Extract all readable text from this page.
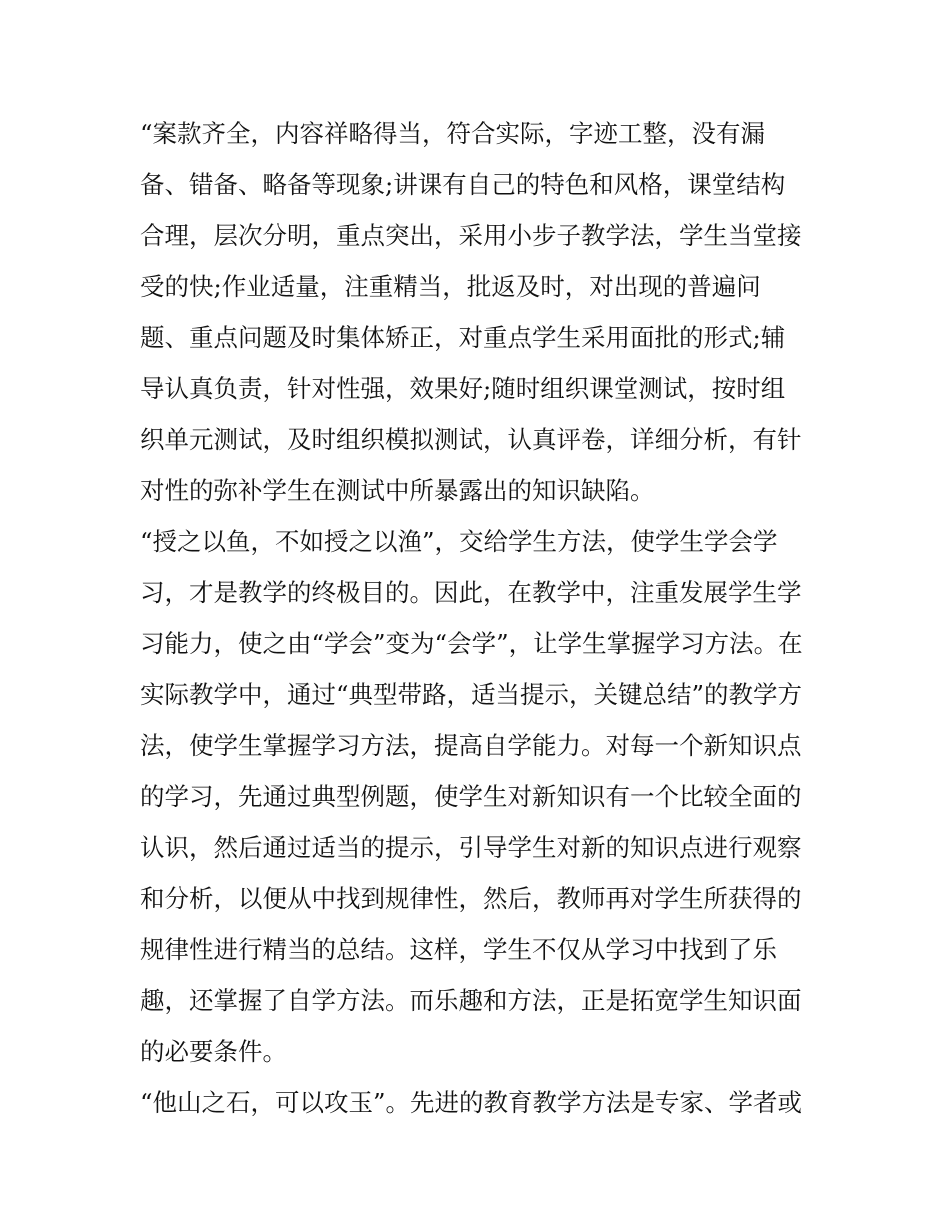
“案款齐全，内容祥略得当，符合实际，字迹工整，没有漏
备、错备、略备等现象;讲课有自己的特色和风格，课堂结构
合理，层次分明，重点突出，采用小步子教学法，学生当堂接
受的快;作业适量，注重精当，批返及时，对出现的普遍问
题、重点问题及时集体矫正，对重点学生采用面批的形式;辅
导认真负责，针对性强，效果好;随时组织课堂测试，按时组
织单元测试，及时组织模拟测试，认真评卷，详细分析，有针
对性的弥补学生在测试中所暴露出的知识缺陷。
“授之以鱼，不如授之以渔”，交给学生方法，使学生学会学
习，才是教学的终极目的。因此，在教学中，注重发展学生学
习能力，使之由“学会”变为“会学”，让学生掌握学习方法。在
实际教学中，通过“典型带路，适当提示，关键总结”的教学方
法，使学生掌握学习方法，提高自学能力。对每一个新知识点
的学习，先通过典型例题，使学生对新知识有一个比较全面的
认识，然后通过适当的提示，引导学生对新的知识点进行观察
和分析，以便从中找到规律性，然后，教师再对学生所获得的
规律性进行精当的总结。这样，学生不仅从学习中找到了乐
趣，还掌握了自学方法。而乐趣和方法，正是拓宽学生知识面
的必要条件。
“他山之石，可以攻玉”。先进的教育教学方法是专家、学者或
